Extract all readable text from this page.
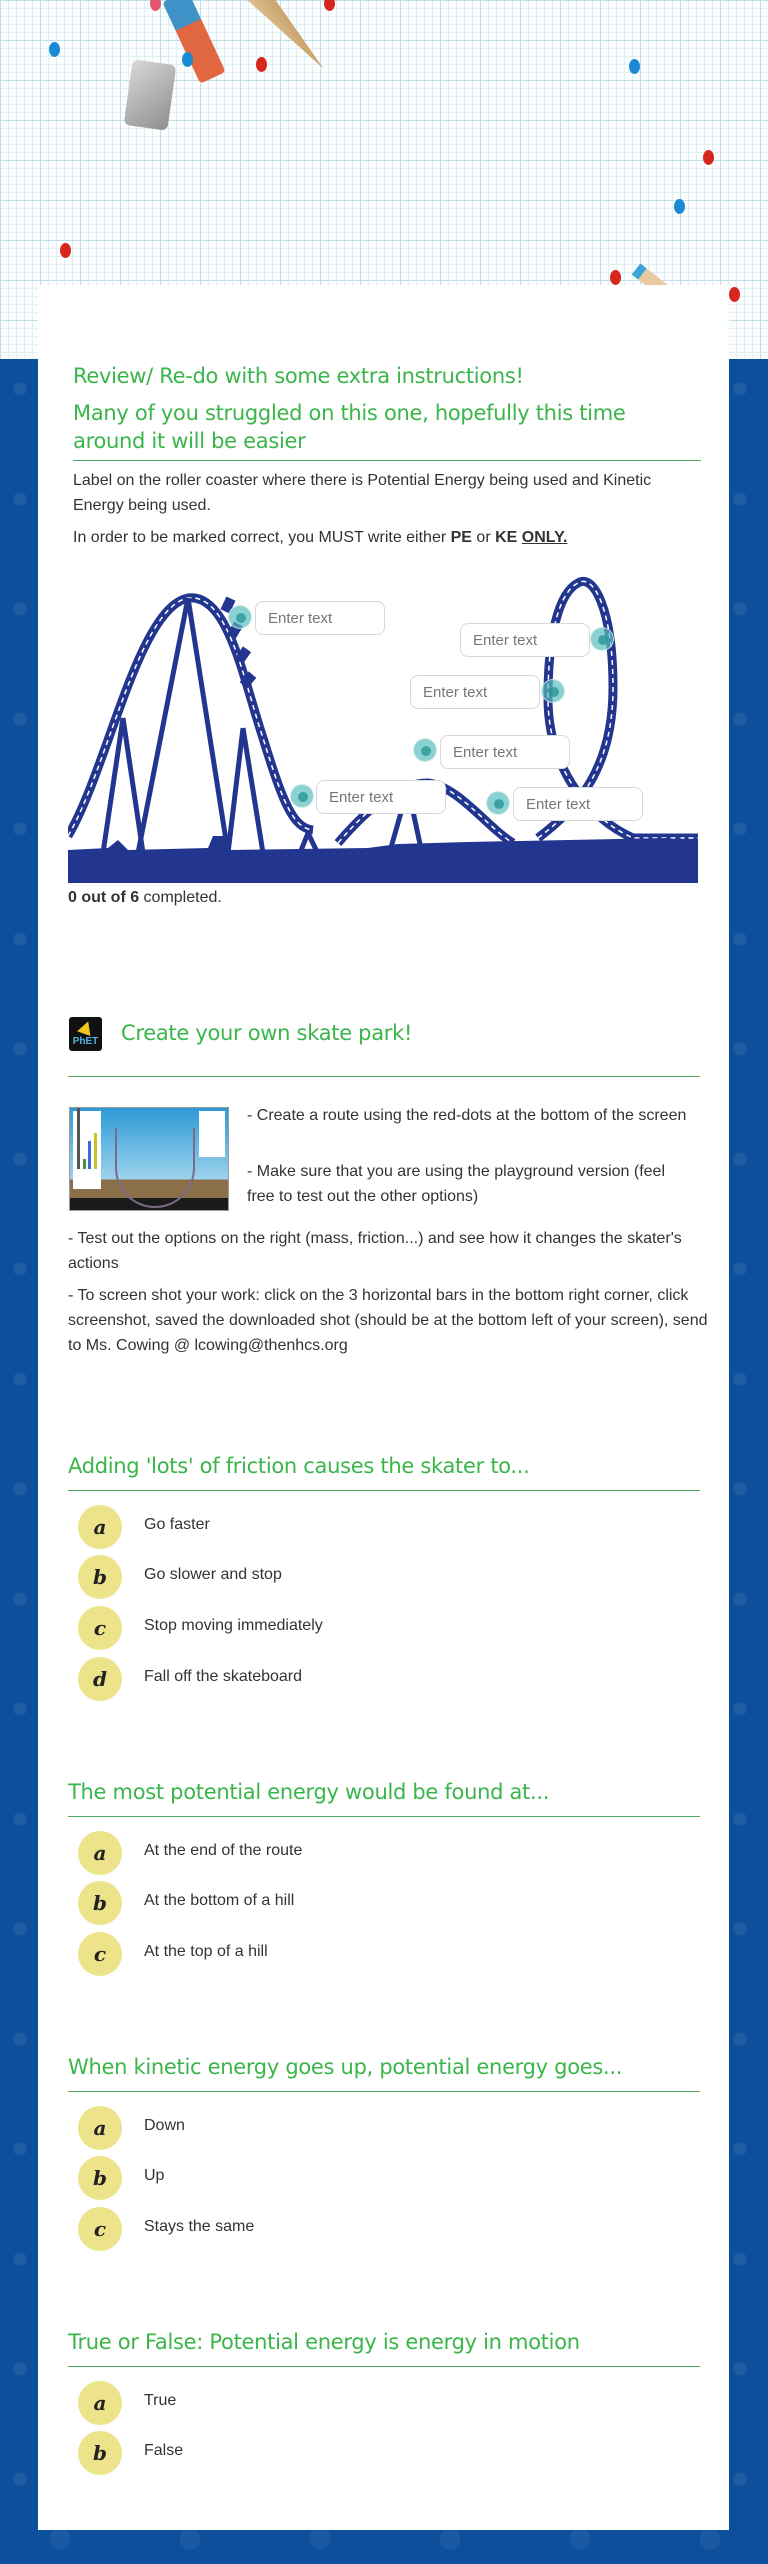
Review/ Re-do with some extra instructions!
Many of you struggled on this one, hopefully this time around it will be easier
Label on the roller coaster where there is Potential Energy being used and Kinetic Energy being used.
In order to be marked correct, you MUST write either PE or KE ONLY.
Enter text
Enter text
Enter text
Enter text
Enter text
Enter text
0 out of 6 completed.
PhET Create your own skate park!
- Create a route using the red-dots at the bottom of the screen
- Make sure that you are using the playground version (feel free to test out the other options)
- Test out the options on the right (mass, friction...) and see how it changes the skater's actions
- To screen shot your work: click on the 3 horizontal bars in the bottom right corner, click screenshot, saved the downloaded shot (should be at the bottom left of your screen), send to Ms. Cowing @ lcowing@thenhcs.org
Adding 'lots' of friction causes the skater to...
a	Go faster
b	Go slower and stop
c	Stop moving immediately
d	Fall off the skateboard
The most potential energy would be found at...
a	At the end of the route
b	At the bottom of a hill
c	At the top of a hill
When kinetic energy goes up, potential energy goes...
a	Down
b	Up
c	Stays the same
True or False: Potential energy is energy in motion
a	True
b	False
